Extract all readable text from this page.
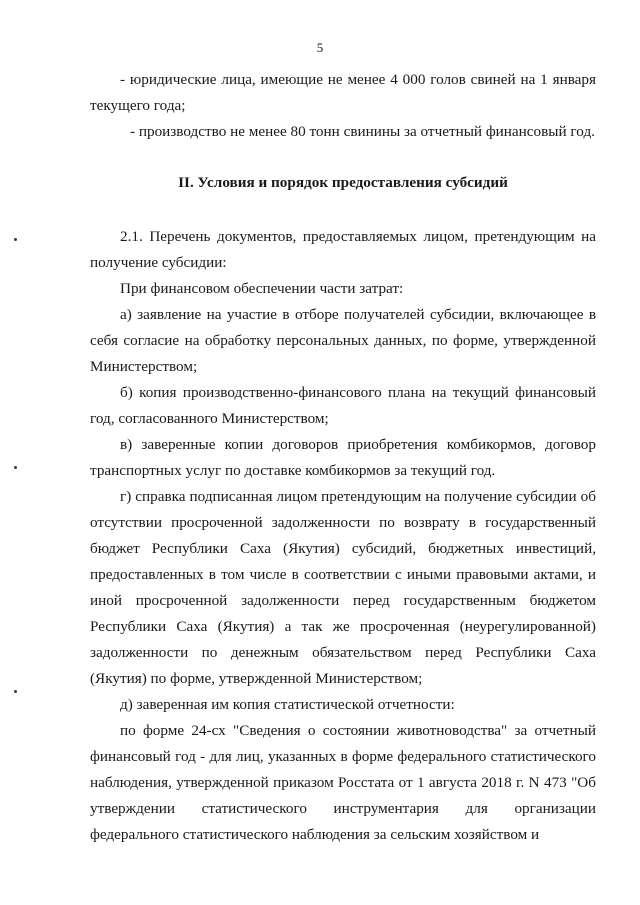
5

- юридические лица, имеющие не менее 4 000 голов свиней на 1 января текущего года;

- производство не менее 80 тонн свинины за отчетный финансовый год.

II. Условия и порядок предоставления субсидий

2.1. Перечень документов, предоставляемых лицом, претендующим на получение субсидии:

При финансовом обеспечении части затрат:

а) заявление на участие в отборе получателей субсидии, включающее в себя согласие на обработку персональных данных, по форме, утвержденной Министерством;

б) копия производственно-финансового плана на текущий финансовый год, согласованного Министерством;

в) заверенные копии договоров приобретения комбикормов, договор транспортных услуг по доставке комбикормов за текущий год.

г) справка подписанная лицом претендующим на получение субсидии об отсутствии просроченной задолженности по возврату в государственный бюджет Республики Саха (Якутия) субсидий, бюджетных инвестиций, предоставленных в том числе в соответствии с иными правовыми актами, и иной просроченной задолженности перед государственным бюджетом Республики Саха (Якутия) а так же просроченная (неурегулированной) задолженности по денежным обязательством перед Республики Саха (Якутия) по форме, утвержденной Министерством;

д) заверенная им копия статистической отчетности:

по форме 24-сх "Сведения о состоянии животноводства" за отчетный финансовый год - для лиц, указанных в форме федерального статистического наблюдения, утвержденной приказом Росстата от 1 августа 2018 г. N 473 "Об утверждении статистического инструментария для организации федерального статистического наблюдения за сельским хозяйством и
